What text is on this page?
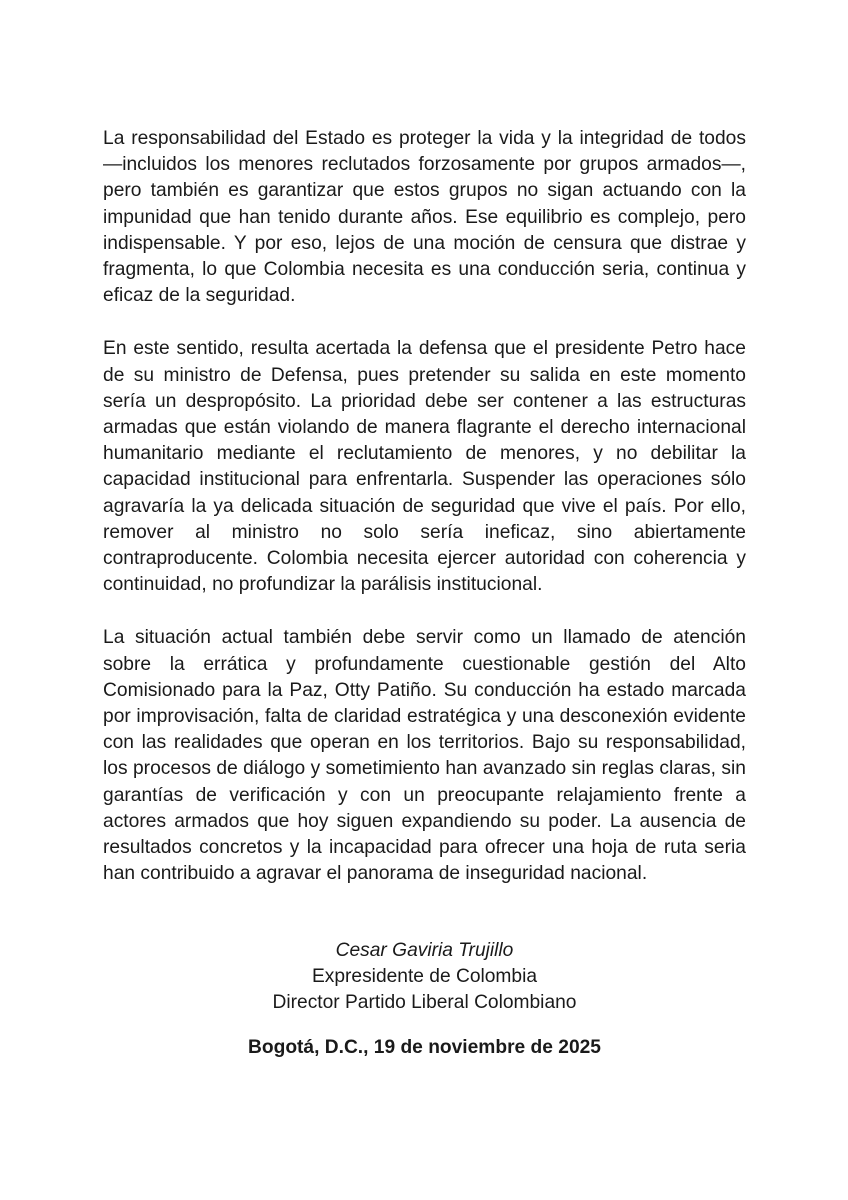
La responsabilidad del Estado es proteger la vida y la integridad de todos —incluidos los menores reclutados forzosamente por grupos armados—, pero también es garantizar que estos grupos no sigan actuando con la impunidad que han tenido durante años. Ese equilibrio es complejo, pero indispensable. Y por eso, lejos de una moción de censura que distrae y fragmenta, lo que Colombia necesita es una conducción seria, continua y eficaz de la seguridad.

En este sentido, resulta acertada la defensa que el presidente Petro hace de su ministro de Defensa, pues pretender su salida en este momento sería un despropósito. La prioridad debe ser contener a las estructuras armadas que están violando de manera flagrante el derecho internacional humanitario mediante el reclutamiento de menores, y no debilitar la capacidad institucional para enfrentarla. Suspender las operaciones sólo agravaría la ya delicada situación de seguridad que vive el país. Por ello, remover al ministro no solo sería ineficaz, sino abiertamente contraproducente. Colombia necesita ejercer autoridad con coherencia y continuidad, no profundizar la parálisis institucional.

La situación actual también debe servir como un llamado de atención sobre la errática y profundamente cuestionable gestión del Alto Comisionado para la Paz, Otty Patiño. Su conducción ha estado marcada por improvisación, falta de claridad estratégica y una desconexión evidente con las realidades que operan en los territorios. Bajo su responsabilidad, los procesos de diálogo y sometimiento han avanzado sin reglas claras, sin garantías de verificación y con un preocupante relajamiento frente a actores armados que hoy siguen expandiendo su poder. La ausencia de resultados concretos y la incapacidad para ofrecer una hoja de ruta seria han contribuido a agravar el panorama de inseguridad nacional.

Cesar Gaviria Trujillo
Expresidente de Colombia
Director Partido Liberal Colombiano
Bogotá, D.C., 19 de noviembre de 2025
